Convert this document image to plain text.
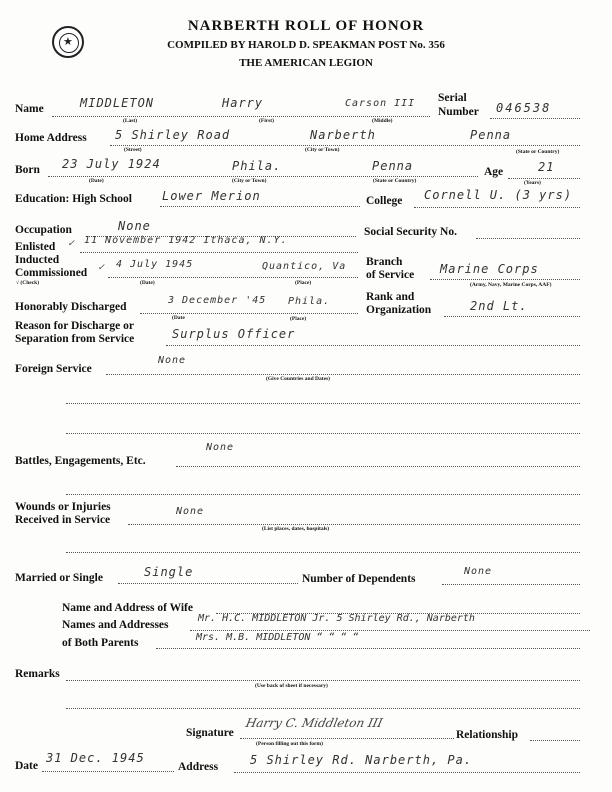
★
NARBERTH ROLL OF HONOR
COMPILED BY HAROLD D. SPEAKMAN POST No. 356
THE AMERICAN LEGION
Name	MIDDLETON	Harry	Carson III
(Last)	(First)	(Middle)
Serial
Number 046538
Home Address 5 Shirley Road	Narberth	Penna
(Street)	(City or Town)	(State or Country)
Born 23 July 1924	Phila.	Penna
(Date)	(City or Town)	(State or Country)
Age	21
(Years)
Education: High School	Lower Merion	College Cornell U. (3 yrs)
Occupation	None	Social Security No.
Enlisted ✓ 11 November 1942 Ithaca, N.Y.
Inducted
Commissioned ✓ 4 July 1945	Quantico, Va
√ (Check)	(Date)	(Place)
Branch
of Service Marine Corps
(Army, Navy, Marine Corps, AAF)
Honorably Discharged
3 December '45 Phila.
(Date	(Place)
Rank and
Organization	2nd Lt.
Reason for Discharge or
Separation from Service	Surplus Officer
Foreign Service
None
(Give Countries and Dates)
Battles, Engagements, Etc.
None
Wounds or Injuries
Received in Service
None
(List places, dates, hospitals)
Married or Single	Single	Number of Dependents
None
Name and Address of Wife
Names and Addresses
Mr. H.C. MIDDLETON Jr. 5 Shirley Rd., Narberth
of Both Parents	Mrs. M.B. MIDDLETON “ “ “ “
Remarks
(Use back of sheet if necessary)
Signature
Harry C. Middleton III
(Person filling out this form)
Relationship
Date
31 Dec. 1945
Address	5 Shirley Rd. Narberth, Pa.
